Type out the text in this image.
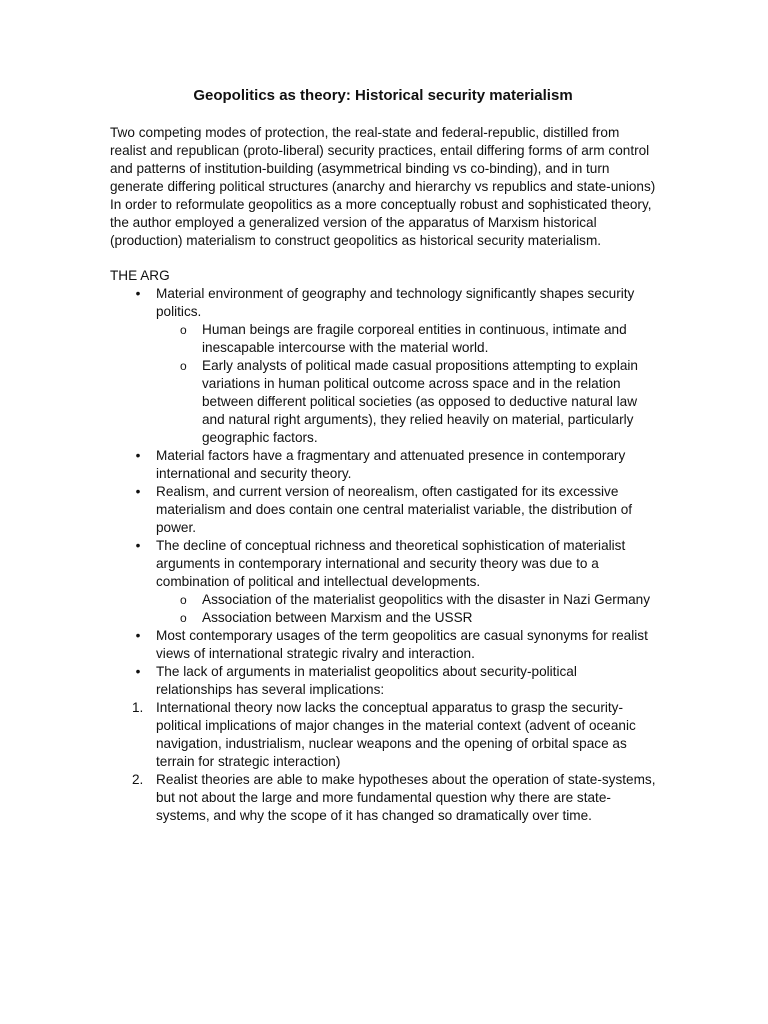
Geopolitics as theory: Historical security materialism

Two competing modes of protection, the real-state and federal-republic, distilled from realist and republican (proto-liberal) security practices, entail differing forms of arm control and patterns of institution-building (asymmetrical binding vs co-binding), and in turn generate differing political structures (anarchy and hierarchy vs republics and state-unions)

In order to reformulate geopolitics as a more conceptually robust and sophisticated theory, the author employed a generalized version of the apparatus of Marxism historical (production) materialism to construct geopolitics as historical security materialism.

THE ARG
• Material environment of geography and technology significantly shapes security politics.
o Human beings are fragile corporeal entities in continuous, intimate and inescapable intercourse with the material world.
o Early analysts of political made casual propositions attempting to explain variations in human political outcome across space and in the relation between different political societies (as opposed to deductive natural law and natural right arguments), they relied heavily on material, particularly geographic factors.
• Material factors have a fragmentary and attenuated presence in contemporary international and security theory.
• Realism, and current version of neorealism, often castigated for its excessive materialism and does contain one central materialist variable, the distribution of power.
• The decline of conceptual richness and theoretical sophistication of materialist arguments in contemporary international and security theory was due to a combination of political and intellectual developments.
o Association of the materialist geopolitics with the disaster in Nazi Germany
o Association between Marxism and the USSR
• Most contemporary usages of the term geopolitics are casual synonyms for realist views of international strategic rivalry and interaction.
• The lack of arguments in materialist geopolitics about security-political relationships has several implications:
1. International theory now lacks the conceptual apparatus to grasp the security-political implications of major changes in the material context (advent of oceanic navigation, industrialism, nuclear weapons and the opening of orbital space as terrain for strategic interaction)
2. Realist theories are able to make hypotheses about the operation of state-systems, but not about the large and more fundamental question why there are state-systems, and why the scope of it has changed so dramatically over time.
